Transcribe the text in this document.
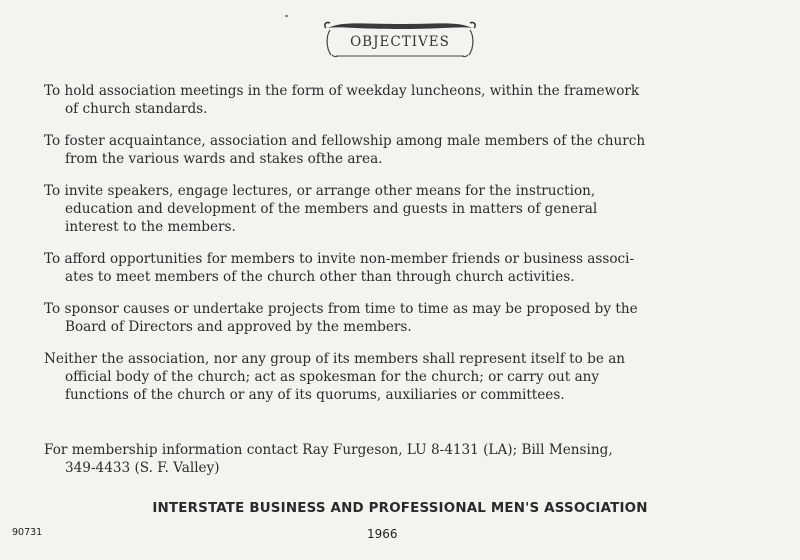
OBJECTIVES

To hold association meetings in the form of weekday luncheons, within the framework
of church standards.

To foster acquaintance, association and fellowship among male members of the church
from the various wards and stakes ofthe area.

To invite speakers, engage lectures, or arrange other means for the instruction,
education and development of the members and guests in matters of general
interest to the members.

To afford opportunities for members to invite non-member friends or business associ-
ates to meet members of the church other than through church activities.

To sponsor causes or undertake projects from time to time as may be proposed by the
Board of Directors and approved by the members.

Neither the association, nor any group of its members shall represent itself to be an
official body of the church; act as spokesman for the church; or carry out any
functions of the church or any of its quorums, auxiliaries or committees.

For membership information contact Ray Furgeson, LU 8-4131 (LA); Bill Mensing,
349-4433 (S. F. Valley)
INTERSTATE BUSINESS AND PROFESSIONAL MEN'S ASSOCIATION
90731	1966
